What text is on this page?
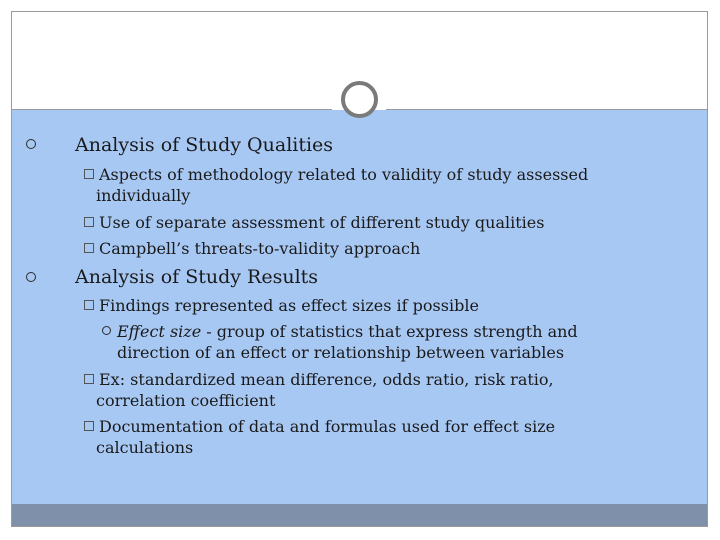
Analysis of Study Qualities

Aspects of methodology related to validity of study assessed

individually

Use of separate assessment of different study qualities

Campbell’s threats-to-validity approach

Analysis of Study Results

Findings represented as effect sizes if possible

Effect size - group of statistics that express strength and

direction of an effect or relationship between variables

Ex: standardized mean difference, odds ratio, risk ratio,

correlation coefficient

Documentation of data and formulas used for effect size

calculations
